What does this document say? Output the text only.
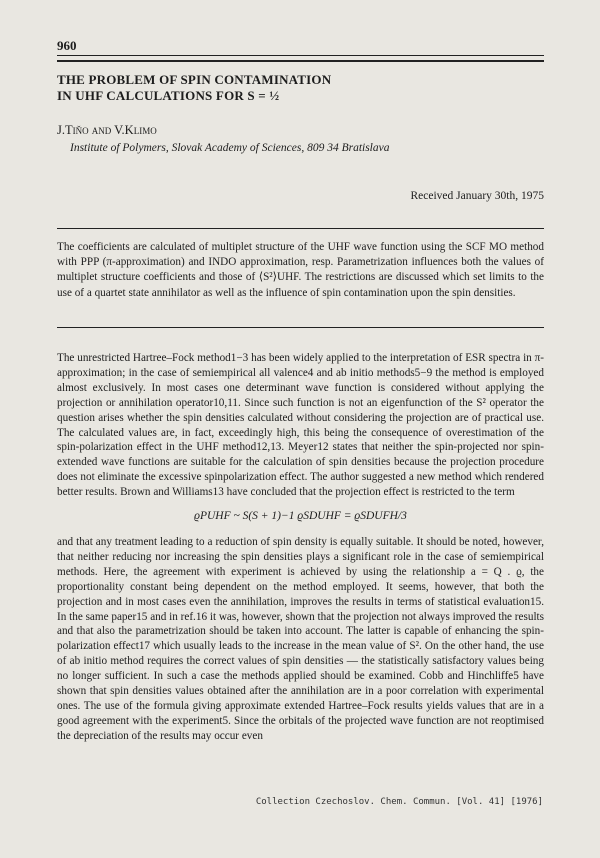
960
THE PROBLEM OF SPIN CONTAMINATION
IN UHF CALCULATIONS FOR S = ½
J.Tiňo and V.Klimo
Institute of Polymers, Slovak Academy of Sciences, 809 34 Bratislava
Received January 30th, 1975
The coefficients are calculated of multiplet structure of the UHF wave function using the SCF MO method with PPP (π-approximation) and INDO approximation, resp. Parametrization influences both the values of multiplet structure coefficients and those of ⟨S²⟩UHF. The restrictions are discussed which set limits to the use of a quartet state annihilator as well as the influence of spin contamination upon the spin densities.

The unrestricted Hartree–Fock method1−3 has been widely applied to the interpretation of ESR spectra in π-approximation; in the case of semiempirical all valence4 and ab initio methods5−9 the method is employed almost exclusively. In most cases one determinant wave function is considered without applying the projection or annihilation operator10,11. Since such function is not an eigenfunction of the S² operator the question arises whether the spin densities calculated without considering the projection are of practical use. The calculated values are, in fact, exceedingly high, this being the consequence of overestimation of the spin-polarization effect in the UHF method12,13. Meyer12 states that neither the spin-projected nor spin-extended wave functions are suitable for the calculation of spin densities because the projection procedure does not eliminate the excessive spinpolarization effect. The author suggested a new method which rendered better results. Brown and Williams13 have concluded that the projection effect is restricted to the term

ϱPUHF ~ S(S + 1)−1 ϱSDUHF = ϱSDUFH/3

and that any treatment leading to a reduction of spin density is equally suitable. It should be noted, however, that neither reducing nor increasing the spin densities plays a significant role in the case of semiempirical methods. Here, the agreement with experiment is achieved by using the relationship a = Q . ϱ, the proportionality constant being dependent on the method employed. It seems, however, that both the projection and in most cases even the annihilation, improves the results in terms of statistical evaluation15. In the same paper15 and in ref.16 it was, however, shown that the projection not always improved the results and that also the parametrization should be taken into account. The latter is capable of enhancing the spin-polarization effect17 which usually leads to the increase in the mean value of S². On the other hand, the use of ab initio method requires the correct values of spin densities — the statistically satisfactory values being no longer sufficient. In such a case the methods applied should be examined. Cobb and Hinchliffe5 have shown that spin densities values obtained after the annihilation are in a poor correlation with experimental ones. The use of the formula giving approximate extended Hartree–Fock results yields values that are in a good agreement with the experiment5. Since the orbitals of the projected wave function are not reoptimised the depreciation of the results may occur even

Collection Czechoslov. Chem. Commun. [Vol. 41] [1976]
